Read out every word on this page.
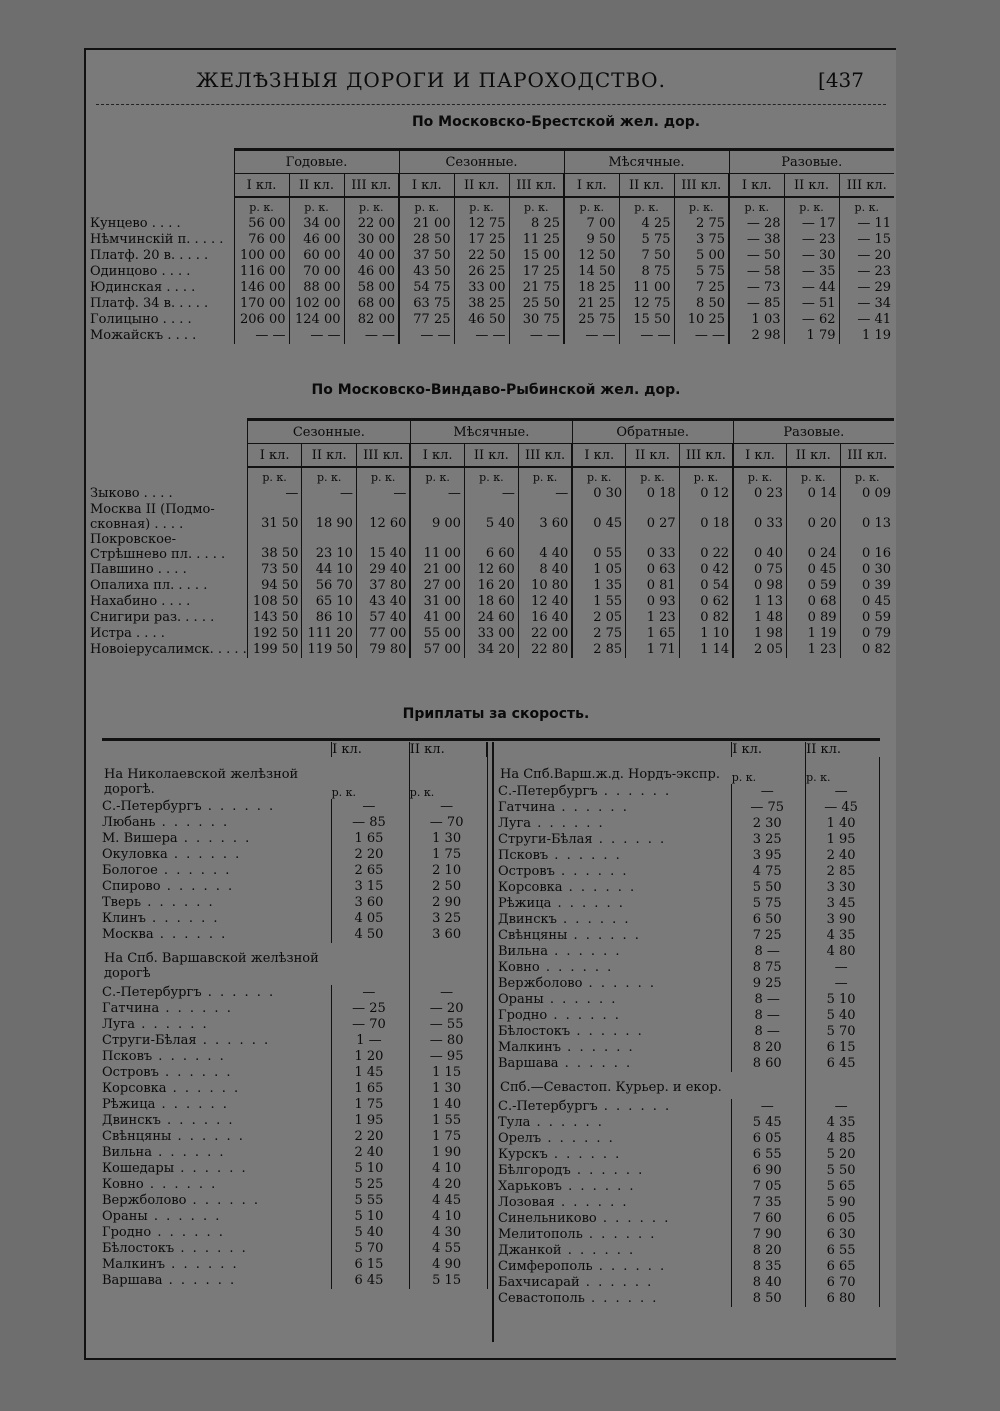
ЖЕЛѢЗНЫЯ ДОРОГИ И ПАРОХОДСТВО.	[437
По Московско-Брестской жел. дор.
	Годовые.			Сезонные.			Мѣсячные.			Разовые.		
	I кл.	II кл.	III кл.	I кл.	II кл.	III кл.	I кл.	II кл.	III кл.	I кл.	II кл.	III кл.
	р. к.	р. к.	р. к.	р. к.	р. к.	р. к.	р. к.	р. к.	р. к.	р. к.	р. к.	р. к.

Кунцево . . . .	56 00	34 00	22 00	21 00	12 75	8 25	7 00	4 25	2 75	— 28	— 17	— 11

Нѣмчинскій п. . . . .	76 00	46 00	30 00	28 50	17 25	11 25	9 50	5 75	3 75	— 38	— 23	— 15

Платф. 20 в. . . . .	100 00	60 00	40 00	37 50	22 50	15 00	12 50	7 50	5 00	— 50	— 30	— 20

Одинцово . . . .	116 00	70 00	46 00	43 50	26 25	17 25	14 50	8 75	5 75	— 58	— 35	— 23

Юдинская . . . .	146 00	88 00	58 00	54 75	33 00	21 75	18 25	11 00	7 25	— 73	— 44	— 29

Платф. 34 в. . . . .	170 00	102 00	68 00	63 75	38 25	25 50	21 25	12 75	8 50	— 85	— 51	— 34

Голицыно . . . .	206 00	124 00	82 00	77 25	46 50	30 75	25 75	15 50	10 25	1 03	— 62	— 41

Можайскъ . . . .	— —	— —	— —	— —	— —	— —	— —	— —	— —	2 98	1 79	1 19
По Московско-Виндаво-Рыбинской жел. дор.
	Сезонные.			Мѣсячные.			Обратные.			Разовые.		
	I кл.	II кл.	III кл.	I кл.	II кл.	III кл.	I кл.	II кл.	III кл.	I кл.	II кл.	III кл.
	р. к.	р. к.	р. к.	р. к.	р. к.	р. к.	р. к.	р. к.	р. к.	р. к.	р. к.	р. к.

Зыково . . . .	—	—	—	—	—	—	0 30	0 18	0 12	0 23	0 14	0 09

Москва II (Подмо-
сковная) . . . .	31 50	18 90	12 60	9 00	5 40	3 60	0 45	0 27	0 18	0 33	0 20	0 13

Покровское-
Стрѣшнево пл. . . . .	38 50	23 10	15 40	11 00	6 60	4 40	0 55	0 33	0 22	0 40	0 24	0 16

Павшино . . . .	73 50	44 10	29 40	21 00	12 60	8 40	1 05	0 63	0 42	0 75	0 45	0 30

Опалиха пл. . . . .	94 50	56 70	37 80	27 00	16 20	10 80	1 35	0 81	0 54	0 98	0 59	0 39

Нахабино . . . .	108 50	65 10	43 40	31 00	18 60	12 40	1 55	0 93	0 62	1 13	0 68	0 45

Снигири раз. . . . .	143 50	86 10	57 40	41 00	24 60	16 40	2 05	1 23	0 82	1 48	0 89	0 59

Истра . . . .	192 50	111 20	77 00	55 00	33 00	22 00	2 75	1 65	1 10	1 98	1 19	0 79

Новоіерусалимск. . . . .	199 50	119 50	79 80	57 00	34 20	22 80	2 85	1 71	1 14	2 05	1 23	0 82
Приплаты за скорость.
	I кл.	II кл.
На Николаевской желѣзной дорогѣ.	р. к.	р. к.
С.-Петербургъ . . . . . .	—	—
Любань . . . . . .	— 85	— 70
М. Вишера . . . . . .	1 65	1 30
Окуловка . . . . . .	2 20	1 75
Бологое . . . . . .	2 65	2 10
Спирово . . . . . .	3 15	2 50
Тверь . . . . . .	3 60	2 90
Клинъ . . . . . .	4 05	3 25
Москва . . . . . .	4 50	3 60
На Спб. Варшавской желѣзной дорогѣ		
С.-Петербургъ . . . . . .	—	—
Гатчина . . . . . .	— 25	— 20
Луга . . . . . .	— 70	— 55
Струги-Бѣлая . . . . . .	1 —	— 80
Псковъ . . . . . .	1 20	— 95
Островъ . . . . . .	1 45	1 15
Корсовка . . . . . .	1 65	1 30
Рѣжица . . . . . .	1 75	1 40
Двинскъ . . . . . .	1 95	1 55
Свѣнцяны . . . . . .	2 20	1 75
Вильна . . . . . .	2 40	1 90
Кошедары . . . . . .	5 10	4 10
Ковно . . . . . .	5 25	4 20
Вержболово . . . . . .	5 55	4 45
Ораны . . . . . .	5 10	4 10
Гродно . . . . . .	5 40	4 30
Бѣлостокъ . . . . . .	5 70	4 55
Малкинъ . . . . . .	6 15	4 90
Варшава . . . . . .	6 45	5 15
	I кл.	II кл.
На Спб.Варш.ж.д. Нордъ-экспр.	р. к.	р. к.
С.-Петербургъ . . . . . .	—	—
Гатчина . . . . . .	— 75	— 45
Луга . . . . . .	2 30	1 40
Струги-Бѣлая . . . . . .	3 25	1 95
Псковъ . . . . . .	3 95	2 40
Островъ . . . . . .	4 75	2 85
Корсовка . . . . . .	5 50	3 30
Рѣжица . . . . . .	5 75	3 45
Двинскъ . . . . . .	6 50	3 90
Свѣнцяны . . . . . .	7 25	4 35
Вильна . . . . . .	8 —	4 80
Ковно . . . . . .	8 75	—
Вержболово . . . . . .	9 25	—
Ораны . . . . . .	8 —	5 10
Гродно . . . . . .	8 —	5 40
Бѣлостокъ . . . . . .	8 —	5 70
Малкинъ . . . . . .	8 20	6 15
Варшава . . . . . .	8 60	6 45
Спб.—Севастоп. Курьер. и екор.		
С.-Петербургъ . . . . . .	—	—
Тула . . . . . .	5 45	4 35
Орелъ . . . . . .	6 05	4 85
Курскъ . . . . . .	6 55	5 20
Бѣлгородъ . . . . . .	6 90	5 50
Харьковъ . . . . . .	7 05	5 65
Лозовая . . . . . .	7 35	5 90
Синельниково . . . . . .	7 60	6 05
Мелитополь . . . . . .	7 90	6 30
Джанкой . . . . . .	8 20	6 55
Симферополь . . . . . .	8 35	6 65
Бахчисарай . . . . . .	8 40	6 70
Севастополь . . . . . .	8 50	6 80
